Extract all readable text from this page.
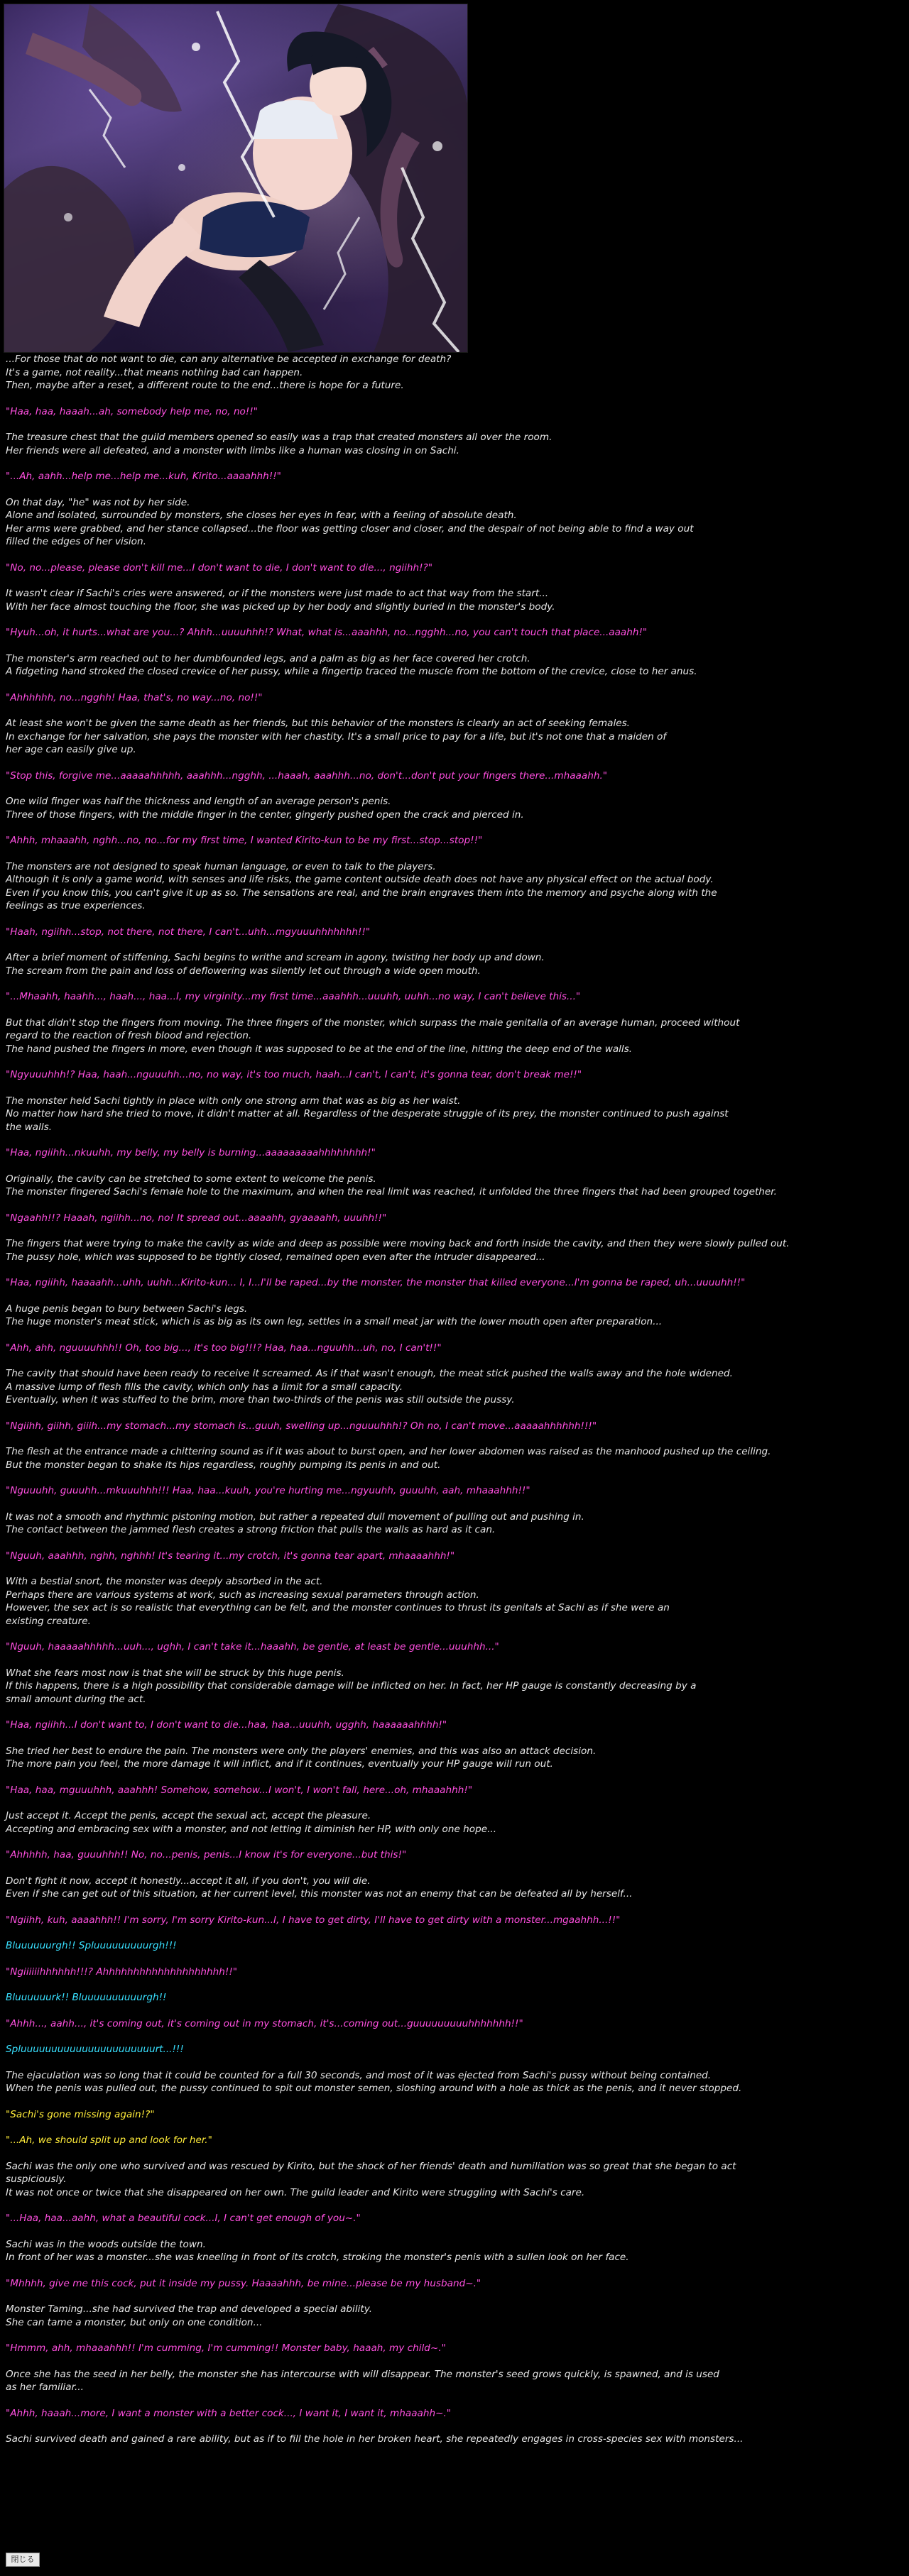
...For those that do not want to die, can any alternative be accepted in exchange for death?
It's a game, not reality...that means nothing bad can happen.
Then, maybe after a reset, a different route to the end...there is hope for a future.
"Haa, haa, haaah...ah, somebody help me, no, no!!"
The treasure chest that the guild members opened so easily was a trap that created monsters all over the room.
Her friends were all defeated, and a monster with limbs like a human was closing in on Sachi.
"...Ah, aahh...help me...help me...kuh, Kirito...aaaahhh!!"
On that day, "he" was not by her side.
Alone and isolated, surrounded by monsters, she closes her eyes in fear, with a feeling of absolute death.
Her arms were grabbed, and her stance collapsed...the floor was getting closer and closer, and the despair of not being able to find a way out
filled the edges of her vision.
"No, no...please, please don't kill me...I don't want to die, I don't want to die..., ngiihh!?"
It wasn't clear if Sachi's cries were answered, or if the monsters were just made to act that way from the start...
With her face almost touching the floor, she was picked up by her body and slightly buried in the monster's body.
"Hyuh...oh, it hurts...what are you...? Ahhh...uuuuhhh!? What, what is...aaahhh, no...ngghh...no, you can't touch that place...aaahh!"
The monster's arm reached out to her dumbfounded legs, and a palm as big as her face covered her crotch.
A fidgeting hand stroked the closed crevice of her pussy, while a fingertip traced the muscle from the bottom of the crevice, close to her anus.
"Ahhhhhh, no...ngghh! Haa, that's, no way...no, no!!"
At least she won't be given the same death as her friends, but this behavior of the monsters is clearly an act of seeking females.
In exchange for her salvation, she pays the monster with her chastity. It's a small price to pay for a life, but it's not one that a maiden of
her age can easily give up.
"Stop this, forgive me...aaaaahhhhh, aaahhh...ngghh, ...haaah, aaahhh...no, don't...don't put your fingers there...mhaaahh."
One wild finger was half the thickness and length of an average person's penis.
Three of those fingers, with the middle finger in the center, gingerly pushed open the crack and pierced in.
"Ahhh, mhaaahh, nghh...no, no...for my first time, I wanted Kirito-kun to be my first...stop...stop!!"
The monsters are not designed to speak human language, or even to talk to the players.
Although it is only a game world, with senses and life risks, the game content outside death does not have any physical effect on the actual body.
Even if you know this, you can't give it up as so. The sensations are real, and the brain engraves them into the memory and psyche along with the
feelings as true experiences.
"Haah, ngiihh...stop, not there, not there, I can't...uhh...mgyuuuhhhhhhh!!"
After a brief moment of stiffening, Sachi begins to writhe and scream in agony, twisting her body up and down.
The scream from the pain and loss of deflowering was silently let out through a wide open mouth.
"...Mhaahh, haahh..., haah..., haa...I, my virginity...my first time...aaahhh...uuuhh, uuhh...no way, I can't believe this..."
But that didn't stop the fingers from moving. The three fingers of the monster, which surpass the male genitalia of an average human, proceed without
regard to the reaction of fresh blood and rejection.
The hand pushed the fingers in more, even though it was supposed to be at the end of the line, hitting the deep end of the walls.
"Ngyuuuhhh!? Haa, haah...nguuuhh...no, no way, it's too much, haah...I can't, I can't, it's gonna tear, don't break me!!"
The monster held Sachi tightly in place with only one strong arm that was as big as her waist.
No matter how hard she tried to move, it didn't matter at all. Regardless of the desperate struggle of its prey, the monster continued to push against
the walls.
"Haa, ngiihh...nkuuhh, my belly, my belly is burning...aaaaaaaaahhhhhhhh!"
Originally, the cavity can be stretched to some extent to welcome the penis.
The monster fingered Sachi's female hole to the maximum, and when the real limit was reached, it unfolded the three fingers that had been grouped together.
"Ngaahh!!? Haaah, ngiihh...no, no! It spread out...aaaahh, gyaaaahh, uuuhh!!"
The fingers that were trying to make the cavity as wide and deep as possible were moving back and forth inside the cavity, and then they were slowly pulled out.
The pussy hole, which was supposed to be tightly closed, remained open even after the intruder disappeared...
"Haa, ngiihh, haaaahh...uhh, uuhh...Kirito-kun... I, I...I'll be raped...by the monster, the monster that killed everyone...I'm gonna be raped, uh...uuuuhh!!"
A huge penis began to bury between Sachi's legs.
The huge monster's meat stick, which is as big as its own leg, settles in a small meat jar with the lower mouth open after preparation...
"Ahh, ahh, nguuuuhhh!! Oh, too big..., it's too big!!!? Haa, haa...nguuhh...uh, no, I can't!!"
The cavity that should have been ready to receive it screamed. As if that wasn't enough, the meat stick pushed the walls away and the hole widened.
A massive lump of flesh fills the cavity, which only has a limit for a small capacity.
Eventually, when it was stuffed to the brim, more than two-thirds of the penis was still outside the pussy.
"Ngiihh, giihh, giiih...my stomach...my stomach is...guuh, swelling up...nguuuhhh!? Oh no, I can't move...aaaaahhhhhh!!!"
The flesh at the entrance made a chittering sound as if it was about to burst open, and her lower abdomen was raised as the manhood pushed up the ceiling.
But the monster began to shake its hips regardless, roughly pumping its penis in and out.
"Nguuuhh, guuuhh...mkuuuhhh!!! Haa, haa...kuuh, you're hurting me...ngyuuhh, guuuhh, aah, mhaaahhh!!"
It was not a smooth and rhythmic pistoning motion, but rather a repeated dull movement of pulling out and pushing in.
The contact between the jammed flesh creates a strong friction that pulls the walls as hard as it can.
"Nguuh, aaahhh, nghh, nghhh! It's tearing it...my crotch, it's gonna tear apart, mhaaaahhh!"
With a bestial snort, the monster was deeply absorbed in the act.
Perhaps there are various systems at work, such as increasing sexual parameters through action.
However, the sex act is so realistic that everything can be felt, and the monster continues to thrust its genitals at Sachi as if she were an
existing creature.
"Nguuh, haaaaahhhhh...uuh..., ughh, I can't take it...haaahh, be gentle, at least be gentle...uuuhhh..."
What she fears most now is that she will be struck by this huge penis.
If this happens, there is a high possibility that considerable damage will be inflicted on her. In fact, her HP gauge is constantly decreasing by a
small amount during the act.
"Haa, ngiihh...I don't want to, I don't want to die...haa, haa...uuuhh, ugghh, haaaaaahhhh!"
She tried her best to endure the pain. The monsters were only the players' enemies, and this was also an attack decision.
The more pain you feel, the more damage it will inflict, and if it continues, eventually your HP gauge will run out.
"Haa, haa, mguuuhhh, aaahhh! Somehow, somehow...I won't, I won't fall, here...oh, mhaaahhh!"
Just accept it. Accept the penis, accept the sexual act, accept the pleasure.
Accepting and embracing sex with a monster, and not letting it diminish her HP, with only one hope...
"Ahhhhh, haa, guuuhhh!! No, no...penis, penis...I know it's for everyone...but this!"
Don't fight it now, accept it honestly...accept it all, if you don't, you will die.
Even if she can get out of this situation, at her current level, this monster was not an enemy that can be defeated all by herself...
"Ngiihh, kuh, aaaahhh!! I'm sorry, I'm sorry Kirito-kun...I, I have to get dirty, I'll have to get dirty with a monster...mgaahhh...!!"
Bluuuuuurgh!! Spluuuuuuuuurgh!!!
"Ngiiiiiihhhhhh!!!? Ahhhhhhhhhhhhhhhhhhhh!!"
Bluuuuuurk!! Bluuuuuuuuuurgh!!
"Ahhh..., aahh..., it's coming out, it's coming out in my stomach, it's...coming out...guuuuuuuuuhhhhhhh!!"
Spluuuuuuuuuuuuuuuuuuuuuurt...!!!
The ejaculation was so long that it could be counted for a full 30 seconds, and most of it was ejected from Sachi's pussy without being contained.
When the penis was pulled out, the pussy continued to spit out monster semen, sloshing around with a hole as thick as the penis, and it never stopped.
"Sachi's gone missing again!?"
"...Ah, we should split up and look for her."
Sachi was the only one who survived and was rescued by Kirito, but the shock of her friends' death and humiliation was so great that she began to act
suspiciously.
It was not once or twice that she disappeared on her own. The guild leader and Kirito were struggling with Sachi's care.
"...Haa, haa...aahh, what a beautiful cock...I, I can't get enough of you~."
Sachi was in the woods outside the town.
In front of her was a monster...she was kneeling in front of its crotch, stroking the monster's penis with a sullen look on her face.
"Mhhhh, give me this cock, put it inside my pussy. Haaaahhh, be mine...please be my husband~."
Monster Taming...she had survived the trap and developed a special ability.
She can tame a monster, but only on one condition...
"Hmmm, ahh, mhaaahhh!! I'm cumming, I'm cumming!! Monster baby, haaah, my child~."
Once she has the seed in her belly, the monster she has intercourse with will disappear. The monster's seed grows quickly, is spawned, and is used
as her familiar...
"Ahhh, haaah...more, I want a monster with a better cock..., I want it, I want it, mhaaahh~."
Sachi survived death and gained a rare ability, but as if to fill the hole in her broken heart, she repeatedly engages in cross-species sex with monsters...
閉じる
